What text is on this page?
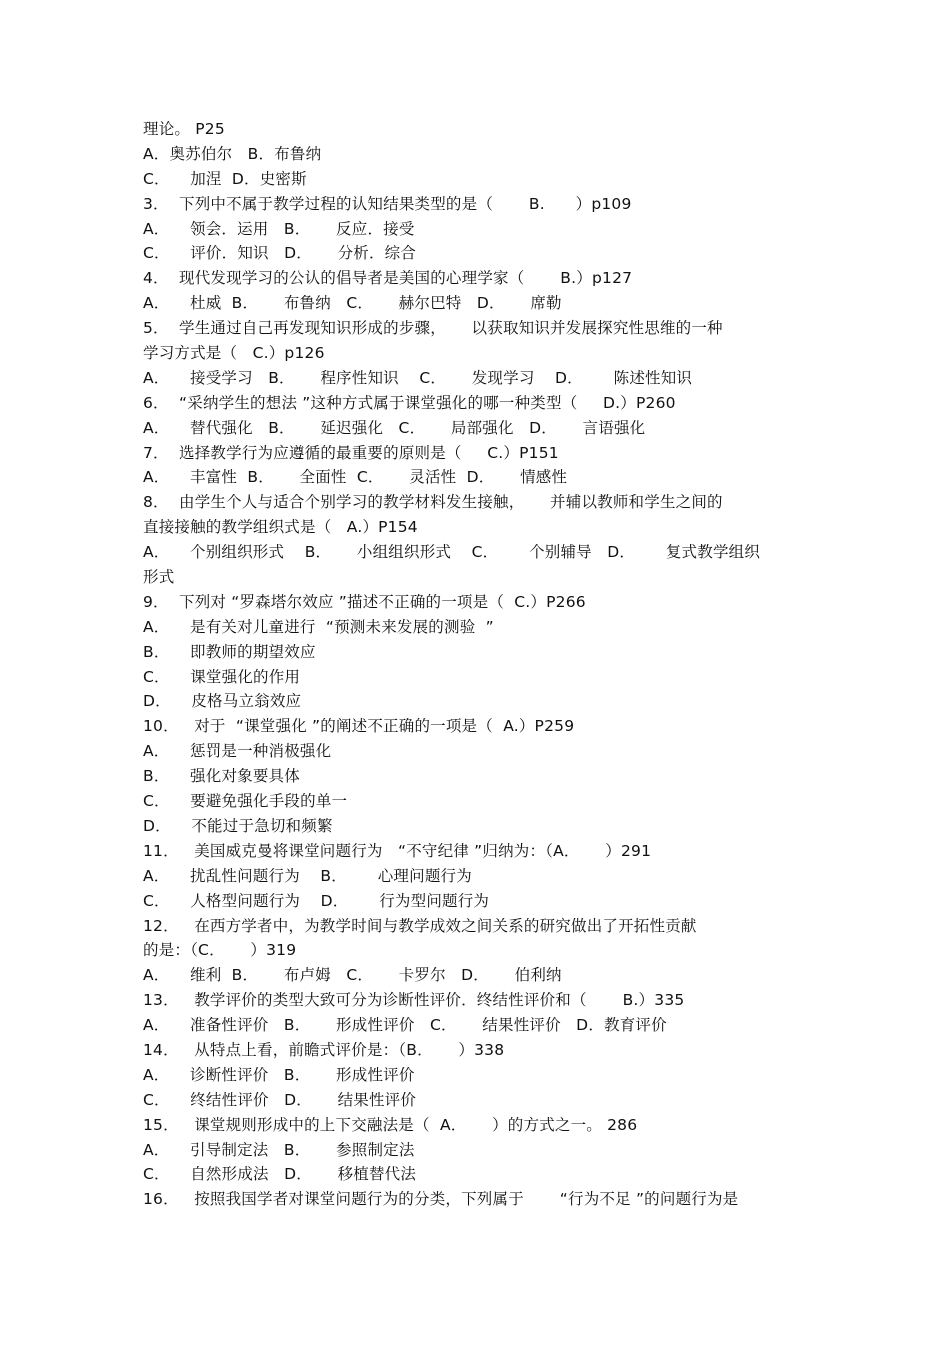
理论。 P25
A．奥苏伯尔   B．布鲁纳
C．    加涅  D．史密斯
3．  下列中不属于教学过程的认知结果类型的是（       B.      ）p109
A．    领会．运用   B．     反应．接受
C．    评价．知识   D．     分析．综合
4．  现代发现学习的公认的倡导者是美国的心理学家（       B.）p127
A．    杜威  B．     布鲁纳   C．     赫尔巴特   D．     席勒
5．  学生通过自己再发现知识形成的步骤，     以获取知识并发展探究性思维的一种
学习方式是（   C.）p126
A．    接受学习   B．     程序性知识    C．     发现学习    D．      陈述性知识
6．  “采纳学生的想法 ”这种方式属于课堂强化的哪一种类型（     D.）P260
A．    替代强化   B．     延迟强化   C．     局部强化   D．     言语强化
7．  选择教学行为应遵循的最重要的原则是（     C.）P151
A．    丰富性  B．     全面性  C．     灵活性  D．     情感性
8．  由学生个人与适合个别学习的教学材料发生接触，     并辅以教师和学生之间的
直接接触的教学组织式是（   A.）P154
A．    个别组织形式    B．     小组组织形式    C．      个别辅导   D．      复式教学组织
形式
9．  下列对 “罗森塔尔效应 ”描述不正确的一项是（  C.）P266
A．    是有关对儿童进行  “预测未来发展的测验  ”
B．    即教师的期望效应
C．    课堂强化的作用
D．    皮格马立翁效应
10．   对于  “课堂强化 ”的阐述不正确的一项是（  A.）P259
A．    惩罚是一种消极强化
B．    强化对象要具体
C．    要避免强化手段的单一
D．    不能过于急切和频繁
11．   美国威克曼将课堂问题行为   “不守纪律 ”归纳为：（A．     ）291
A．    扰乱性问题行为    B．      心理问题行为
C．    人格型问题行为    D．      行为型问题行为
12．   在西方学者中，为教学时间与教学成效之间关系的研究做出了开拓性贡献
的是：（C．     ）319
A．    维利  B．     布卢姆   C．     卡罗尔   D．     伯利纳
13．   教学评价的类型大致可分为诊断性评价．终结性评价和（       B.）335
A．    准备性评价   B．     形成性评价   C．     结果性评价   D．教育评价
14．   从特点上看，前瞻式评价是：（B．     ）338
A．    诊断性评价   B．     形成性评价
C．    终结性评价   D．     结果性评价
15．   课堂规则形成中的上下交融法是（  A．     ）的方式之一。 286
A．    引导制定法   B．     参照制定法
C．    自然形成法   D．     移植替代法
16．   按照我国学者对课堂问题行为的分类，下列属于       “行为不足 ”的问题行为是
